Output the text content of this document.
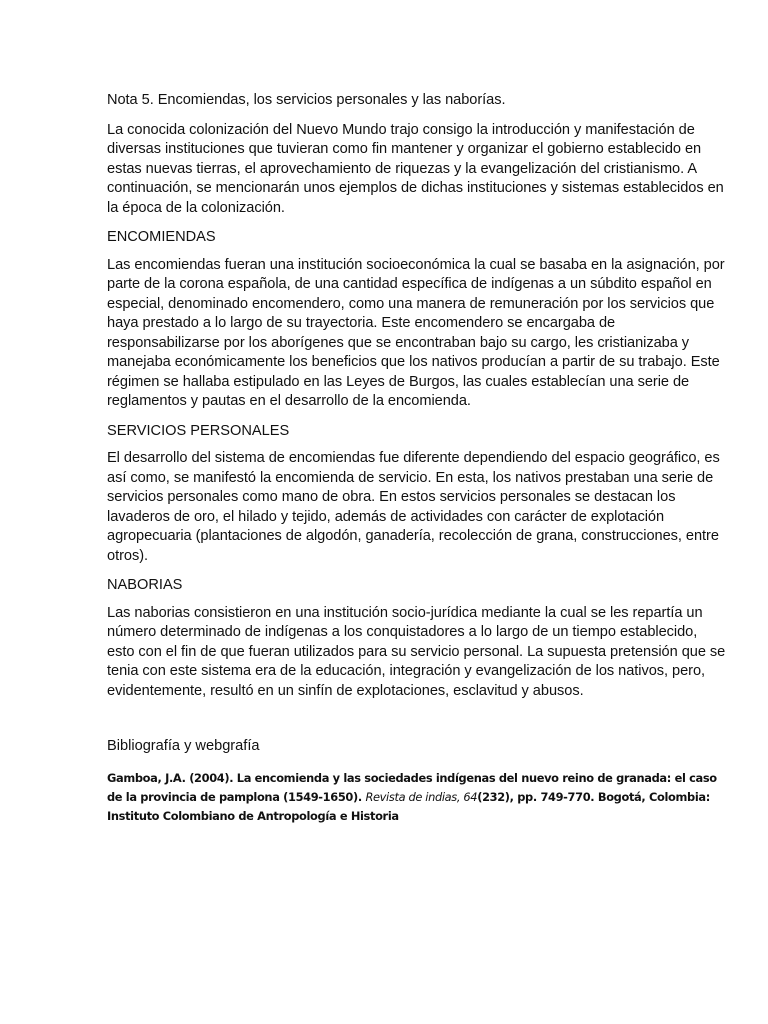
Nota 5. Encomiendas, los servicios personales y las naborías.

La conocida colonización del Nuevo Mundo trajo consigo la introducción y manifestación de diversas instituciones que tuvieran como fin mantener y organizar el gobierno establecido en estas nuevas tierras, el aprovechamiento de riquezas y la evangelización del cristianismo. A continuación, se mencionarán unos ejemplos de dichas instituciones y sistemas establecidos en la época de la colonización.

ENCOMIENDAS

Las encomiendas fueran una institución socioeconómica la cual se basaba en la asignación, por parte de la corona española, de una cantidad específica de indígenas a un súbdito español en especial, denominado encomendero, como una manera de remuneración por los servicios que haya prestado a lo largo de su trayectoria. Este encomendero se encargaba de responsabilizarse por los aborígenes que se encontraban bajo su cargo, les cristianizaba y manejaba económicamente los beneficios que los nativos producían a partir de su trabajo. Este régimen se hallaba estipulado en las Leyes de Burgos, las cuales establecían una serie de reglamentos y pautas en el desarrollo de la encomienda.

SERVICIOS PERSONALES

El desarrollo del sistema de encomiendas fue diferente dependiendo del espacio geográfico, es así como, se manifestó la encomienda de servicio. En esta, los nativos prestaban una serie de servicios personales como mano de obra. En estos servicios personales se destacan los lavaderos de oro, el hilado y tejido, además de actividades con carácter de explotación agropecuaria (plantaciones de algodón, ganadería, recolección de grana, construcciones, entre otros).

NABORIAS

Las naborias consistieron en una institución socio-jurídica mediante la cual se les repartía un número determinado de indígenas a los conquistadores a lo largo de un tiempo establecido, esto con el fin de que fueran utilizados para su servicio personal. La supuesta pretensión que se tenia con este sistema era de la educación, integración y evangelización de los nativos, pero, evidentemente, resultó en un sinfín de explotaciones, esclavitud y abusos.

Bibliografía y webgrafía

Gamboa, J.A. (2004). La encomienda y las sociedades indígenas del nuevo reino de granada: el caso de la provincia de pamplona (1549-1650). Revista de indias, 64(232), pp. 749-770. Bogotá, Colombia: Instituto Colombiano de Antropología e Historia
